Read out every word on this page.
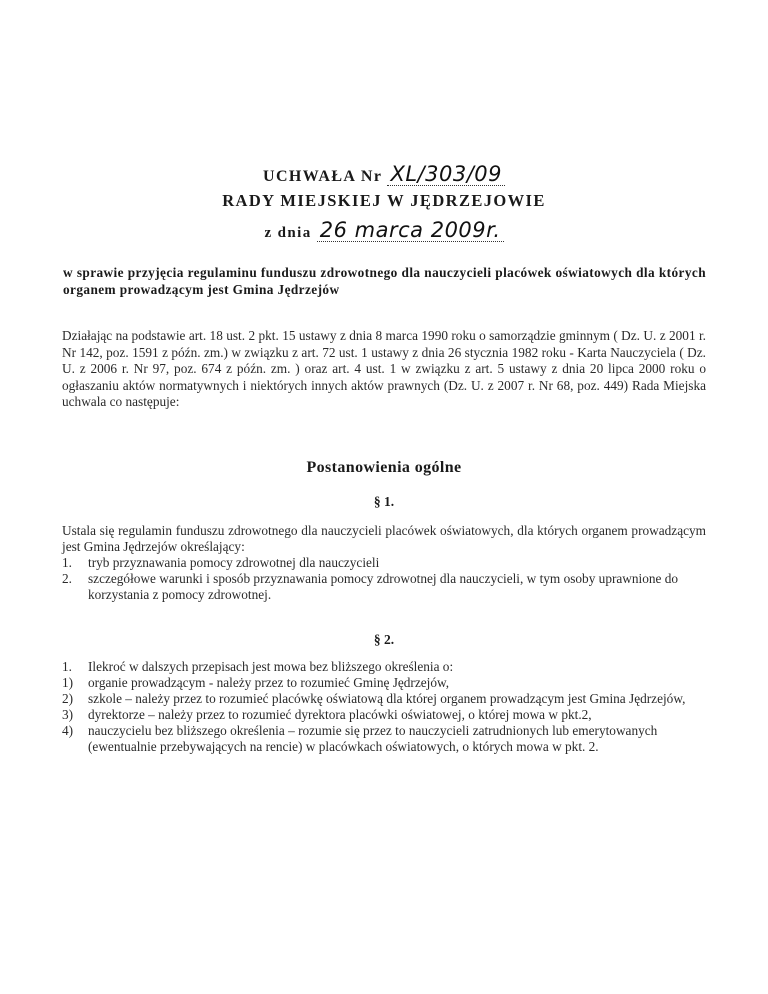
UCHWAŁA Nr XL/303/09
RADY MIEJSKIEJ W JĘDRZEJOWIE
z dnia 26 marca 2009r.
w sprawie przyjęcia regulaminu funduszu zdrowotnego dla nauczycieli placówek oświatowych dla których organem prowadzącym jest Gmina Jędrzejów
Działając na podstawie art. 18 ust. 2 pkt. 15 ustawy z dnia 8 marca 1990 roku o samorządzie gminnym ( Dz. U. z 2001 r. Nr 142, poz. 1591 z późn. zm.) w związku z art. 72 ust. 1 ustawy z dnia 26 stycznia 1982 roku - Karta Nauczyciela ( Dz. U. z 2006 r. Nr 97, poz. 674 z późn. zm. ) oraz art. 4 ust. 1 w związku z art. 5 ustawy z dnia 20 lipca 2000 roku o ogłaszaniu aktów normatywnych i niektórych innych aktów prawnych (Dz. U. z 2007 r. Nr 68, poz. 449) Rada Miejska uchwala co następuje:
Postanowienia ogólne
§ 1.

Ustala się regulamin funduszu zdrowotnego dla nauczycieli placówek oświatowych, dla których organem prowadzącym jest Gmina Jędrzejów określający:

1. tryb przyznawania pomocy zdrowotnej dla nauczycieli

2. szczegółowe warunki i sposób przyznawania pomocy zdrowotnej dla nauczycieli, w tym osoby uprawnione do korzystania z pomocy zdrowotnej.

§ 2.

1. Ilekroć w dalszych przepisach jest mowa bez bliższego określenia o:

1) organie prowadzącym - należy przez to rozumieć Gminę Jędrzejów,

2) szkole – należy przez to rozumieć placówkę oświatową dla której organem prowadzącym jest Gmina Jędrzejów,

3) dyrektorze – należy przez to rozumieć dyrektora placówki oświatowej, o której mowa w pkt.2,

4) nauczycielu bez bliższego określenia – rozumie się przez to nauczycieli zatrudnionych lub emerytowanych (ewentualnie przebywających na rencie) w placówkach oświatowych, o których mowa w pkt. 2.
